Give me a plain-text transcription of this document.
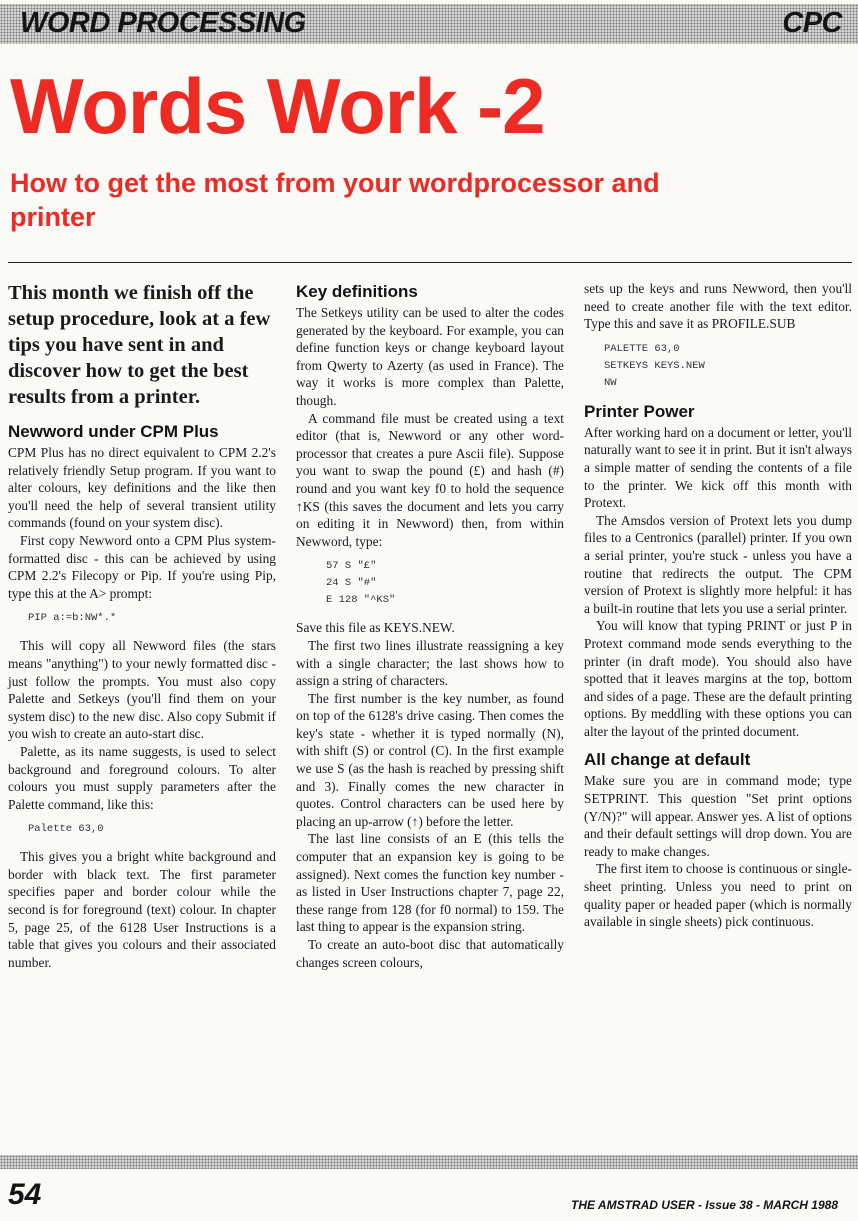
WORD PROCESSING	CPC
Words Work -2
How to get the most from your wordprocessor and printer

This month we finish off the setup procedure, look at a few tips you have sent in and discover how to get the best results from a printer.

Newword under CPM Plus

CPM Plus has no direct equivalent to CPM 2.2's relatively friendly Setup program. If you want to alter colours, key definitions and the like then you'll need the help of several transient utility commands (found on your system disc).

First copy Newword onto a CPM Plus system-formatted disc - this can be achieved by using CPM 2.2's Filecopy or Pip. If you're using Pip, type this at the A> prompt:

PIP a:=b:NW*.*

This will copy all Newword files (the stars means "anything") to your newly formatted disc - just follow the prompts. You must also copy Palette and Setkeys (you'll find them on your system disc) to the new disc. Also copy Submit if you wish to create an auto-start disc.

Palette, as its name suggests, is used to select background and foreground colours. To alter colours you must supply parameters after the Palette command, like this:

Palette 63,0

This gives you a bright white background and border with black text. The first parameter specifies paper and border colour while the second is for foreground (text) colour. In chapter 5, page 25, of the 6128 User Instructions is a table that gives you colours and their associated number.

Key definitions

The Setkeys utility can be used to alter the codes generated by the keyboard. For example, you can define function keys or change keyboard layout from Qwerty to Azerty (as used in France). The way it works is more complex than Palette, though.

A command file must be created using a text editor (that is, Newword or any other word-processor that creates a pure Ascii file). Suppose you want to swap the pound (£) and hash (#) round and you want key f0 to hold the sequence ↑KS (this saves the document and lets you carry on editing it in Newword) then, from within Newword, type:

57 S "£"
24 S "#"
E 128 "^KS"

Save this file as KEYS.NEW.

The first two lines illustrate reassigning a key with a single character; the last shows how to assign a string of characters.

The first number is the key number, as found on top of the 6128's drive casing. Then comes the key's state - whether it is typed normally (N), with shift (S) or control (C). In the first example we use S (as the hash is reached by pressing shift and 3). Finally comes the new character in quotes. Control characters can be used here by placing an up-arrow (↑) before the letter.

The last line consists of an E (this tells the computer that an expansion key is going to be assigned). Next comes the function key number - as listed in User Instructions chapter 7, page 22, these range from 128 (for f0 normal) to 159. The last thing to appear is the expansion string.

To create an auto-boot disc that automatically changes screen colours,

sets up the keys and runs Newword, then you'll need to create another file with the text editor. Type this and save it as PROFILE.SUB

PALETTE 63,0
SETKEYS KEYS.NEW
NW
Printer Power

After working hard on a document or letter, you'll naturally want to see it in print. But it isn't always a simple matter of sending the contents of a file to the printer. We kick off this month with Protext.

The Amsdos version of Protext lets you dump files to a Centronics (parallel) printer. If you own a serial printer, you're stuck - unless you have a routine that redirects the output. The CPM version of Protext is slightly more helpful: it has a built-in routine that lets you use a serial printer.

You will know that typing PRINT or just P in Protext command mode sends everything to the printer (in draft mode). You should also have spotted that it leaves margins at the top, bottom and sides of a page. These are the default printing options. By meddling with these options you can alter the layout of the printed document.

All change at default

Make sure you are in command mode; type SETPRINT. This question "Set print options (Y/N)?" will appear. Answer yes. A list of options and their default settings will drop down. You are ready to make changes.

The first item to choose is continuous or single-sheet printing. Unless you need to print on quality paper or headed paper (which is normally available in single sheets) pick continuous.

54	THE AMSTRAD USER - Issue 38 - MARCH 1988
